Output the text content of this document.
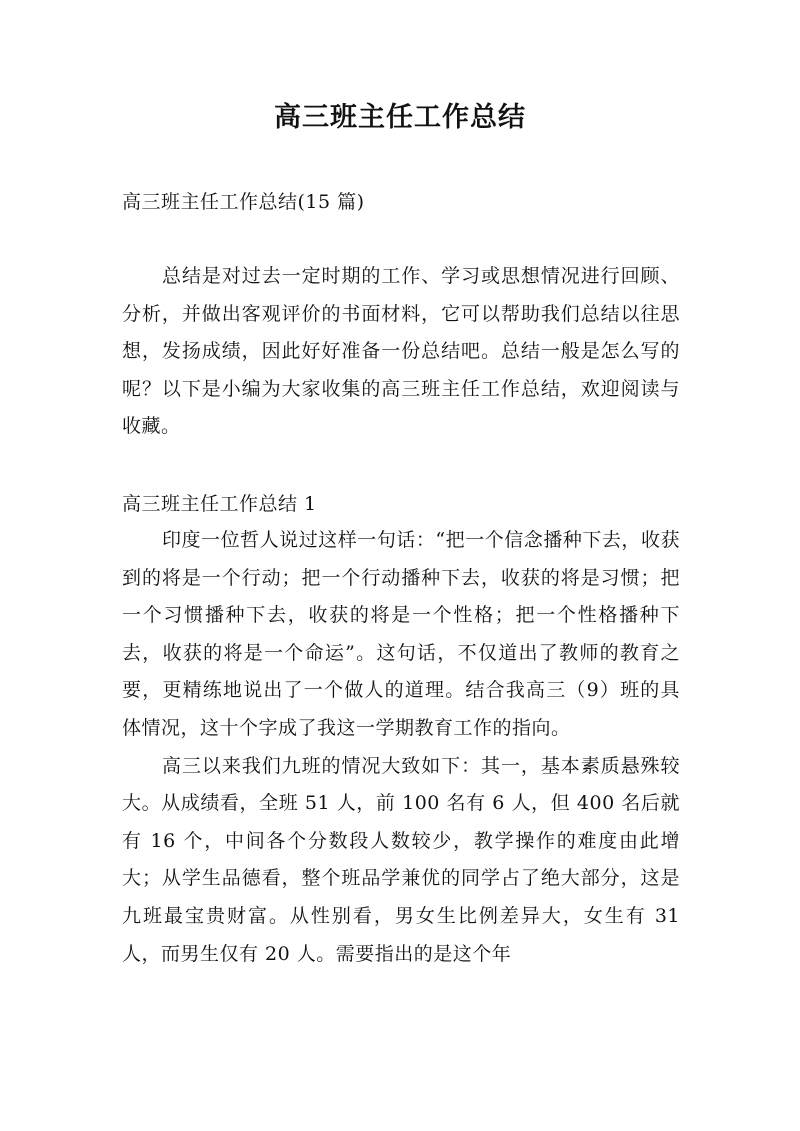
高三班主任工作总结

高三班主任工作总结(15 篇)

总结是对过去一定时期的工作、学习或思想情况进行回顾、分析，并做出客观评价的书面材料，它可以帮助我们总结以往思想，发扬成绩，因此好好准备一份总结吧。总结一般是怎么写的呢？以下是小编为大家收集的高三班主任工作总结，欢迎阅读与收藏。

高三班主任工作总结 1

印度一位哲人说过这样一句话：“把一个信念播种下去，收获到的将是一个行动；把一个行动播种下去，收获的将是习惯；把一个习惯播种下去，收获的将是一个性格；把一个性格播种下去，收获的将是一个命运”。这句话，不仅道出了教师的教育之要，更精练地说出了一个做人的道理。结合我高三（9）班的具体情况，这十个字成了我这一学期教育工作的指向。

高三以来我们九班的情况大致如下：其一，基本素质悬殊较大。从成绩看，全班 51 人，前 100 名有 6 人，但 400 名后就有 16 个，中间各个分数段人数较少，教学操作的难度由此增大；从学生品德看，整个班品学兼优的同学占了绝大部分，这是九班最宝贵财富。从性别看，男女生比例差异大，女生有 31 人，而男生仅有 20 人。需要指出的是这个年
